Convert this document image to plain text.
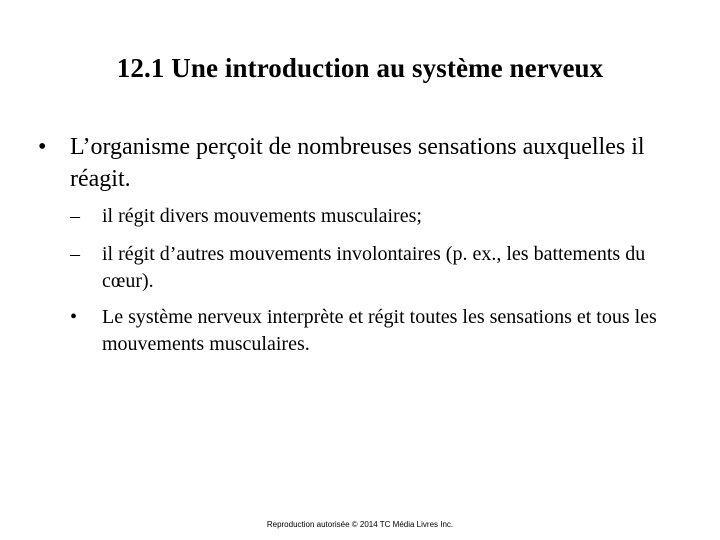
12.1 Une introduction au système nerveux
• L’organisme perçoit de nombreuses sensations auxquelles il réagit.
– il régit divers mouvements musculaires;
– il régit d’autres mouvements involontaires (p. ex., les battements du cœur).
• Le système nerveux interprète et régit toutes les sensations et tous les mouvements musculaires.
Reproduction autorisée © 2014 TC Média Livres Inc.
